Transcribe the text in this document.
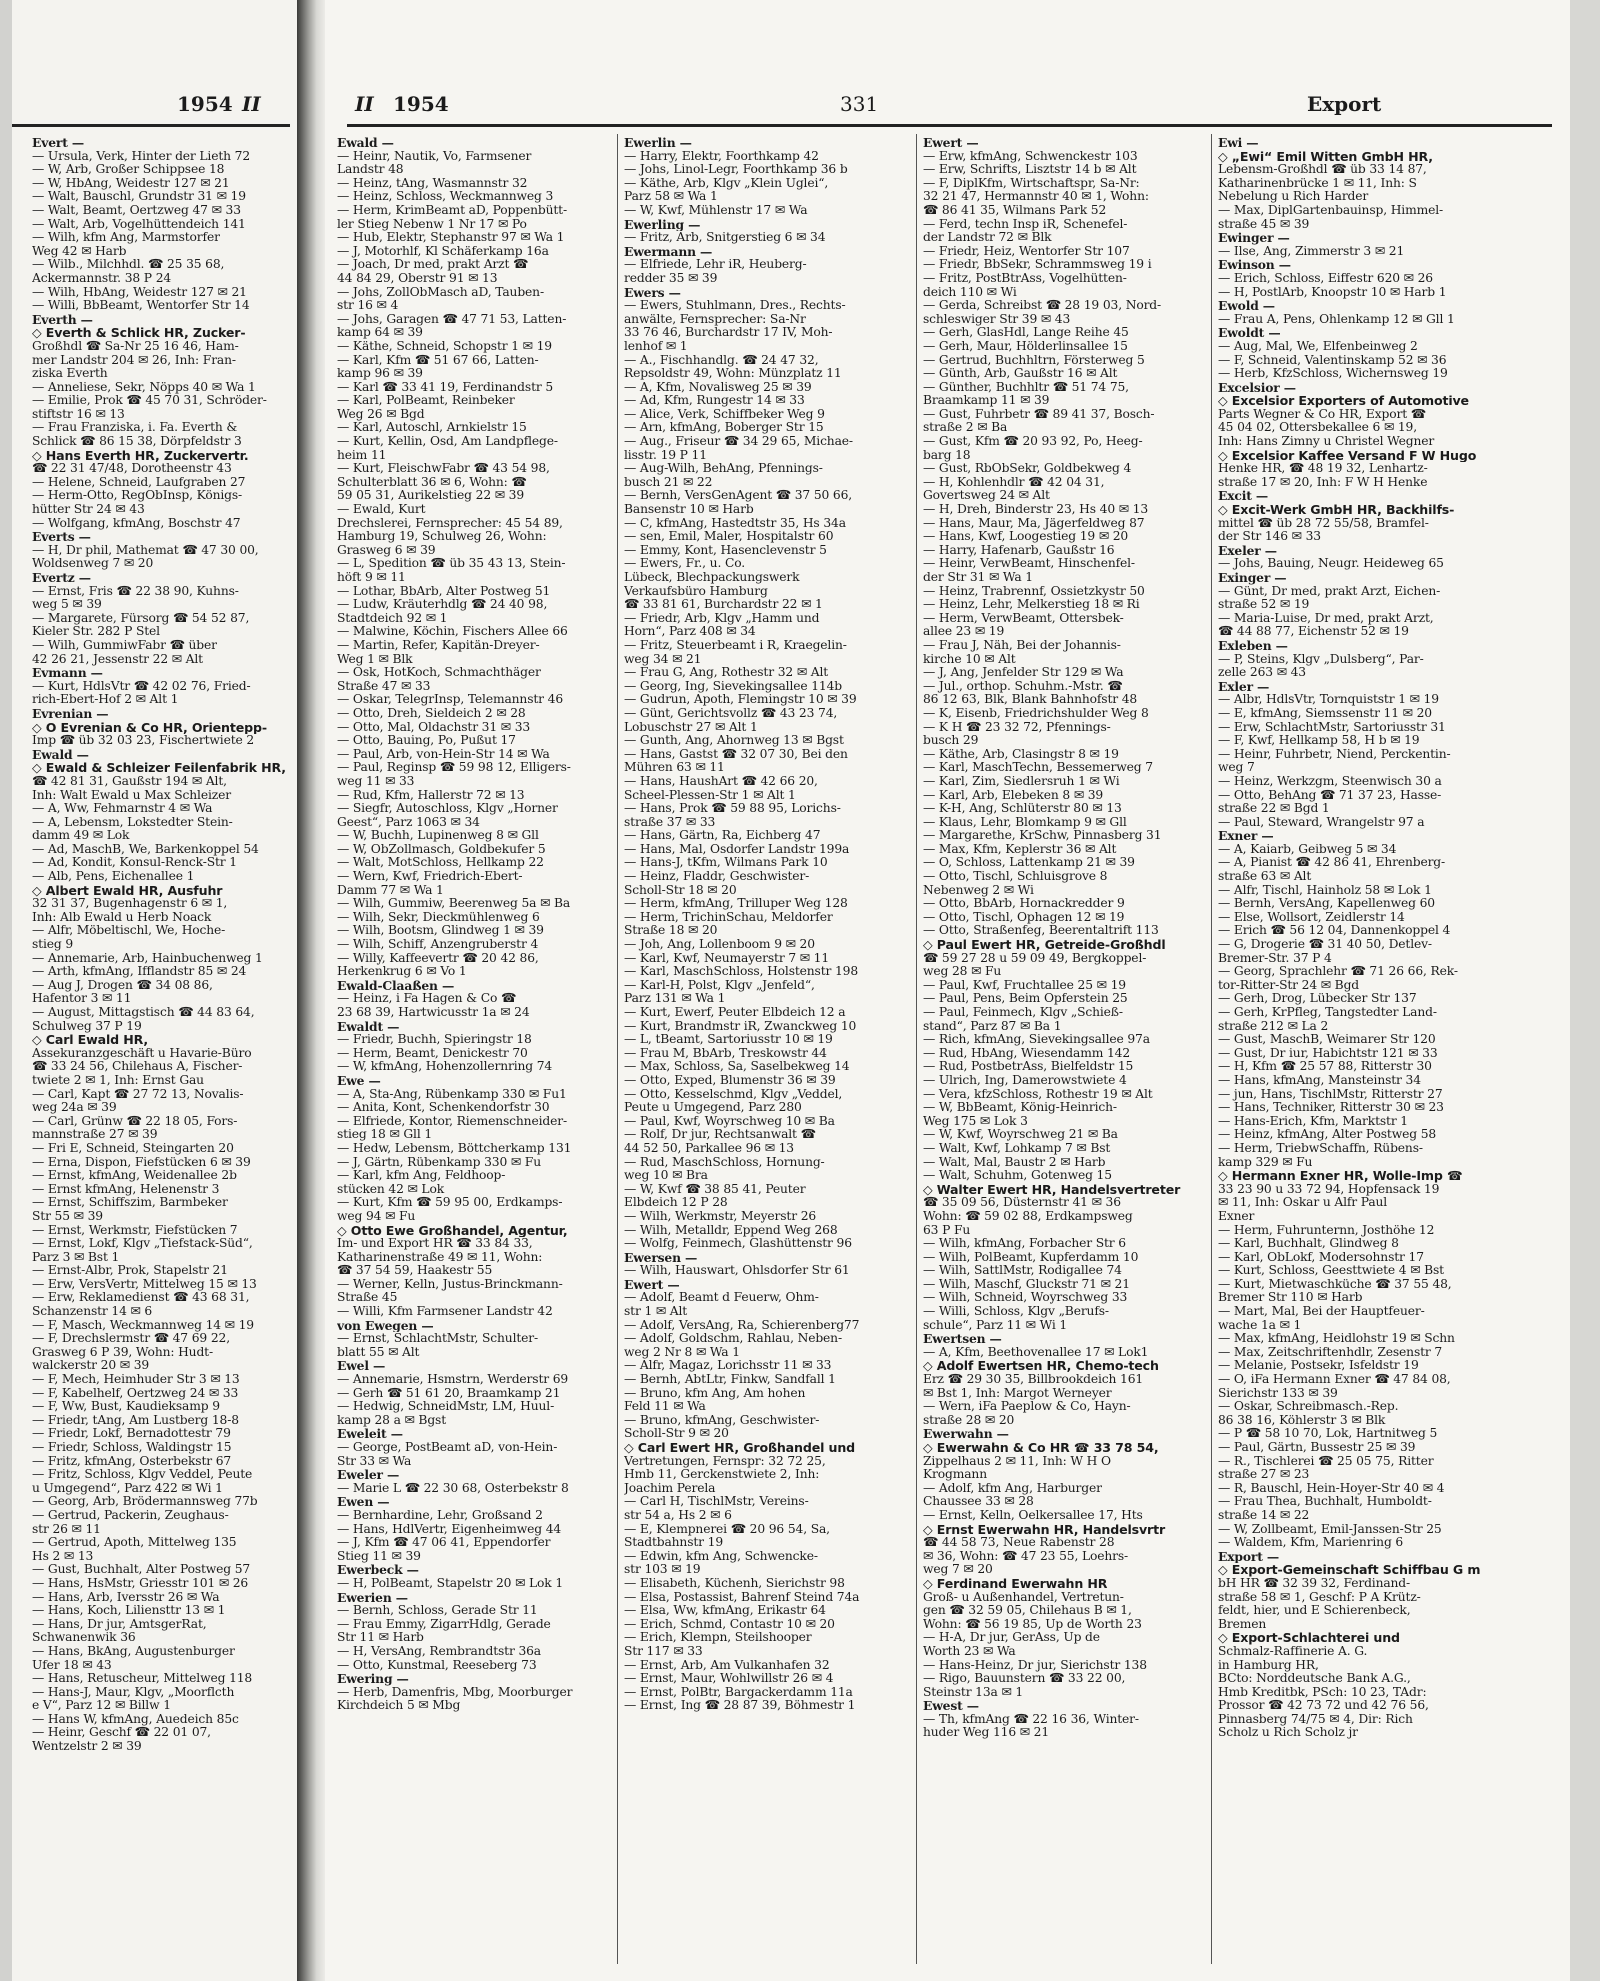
1954 II
Evert —
— Ursula, Verk, Hinter der Lieth 72
— W, Arb, Großer Schippsee 18
— W, HbAng, Weidestr 127 ✉ 21
— Walt, Bauschl, Grundstr 31 ✉ 19
— Walt, Beamt, Oertzweg 47 ✉ 33
— Walt, Arb, Vogelhüttendeich 141
— Wilh, kfm Ang, Marmstorfer
Weg 42 ✉ Harb
— Wilb., Milchhdl. ☎ 25 35 68,
Ackermannstr. 38 P 24
— Wilh, HbAng, Weidestr 127 ✉ 21
— Willi, BbBeamt, Wentorfer Str 14
Everth —
◇ Everth & Schlick HR, Zucker-
Großhdl ☎ Sa-Nr 25 16 46, Ham-
mer Landstr 204 ✉ 26, Inh: Fran-
ziska Everth
— Anneliese, Sekr, Nöpps 40 ✉ Wa 1
— Emilie, Prok ☎ 45 70 31, Schröder-
stiftstr 16 ✉ 13
— Frau Franziska, i. Fa. Everth &
Schlick ☎ 86 15 38, Dörpfeldstr 3
◇ Hans Everth HR, Zuckervertr.
☎ 22 31 47/48, Dorotheenstr 43
— Helene, Schneid, Laufgraben 27
— Herm-Otto, RegObInsp, Königs-
hütter Str 24 ✉ 43
— Wolfgang, kfmAng, Boschstr 47
Everts —
— H, Dr phil, Mathemat ☎ 47 30 00,
Woldsenweg 7 ✉ 20
Evertz —
— Ernst, Fris ☎ 22 38 90, Kuhns-
weg 5 ✉ 39
— Margarete, Fürsorg ☎ 54 52 87,
Kieler Str. 282 P Stel
— Wilh, GummiwFabr ☎ über
42 26 21, Jessenstr 22 ✉ Alt
Evmann —
— Kurt, HdlsVtr ☎ 42 02 76, Fried-
rich-Ebert-Hof 2 ✉ Alt 1
Evrenian —
◇ O Evrenian & Co HR, Orientepp-
Imp ☎ üb 32 03 23, Fischertwiete 2
Ewald —
◇ Ewald & Schleizer Feilenfabrik HR,
☎ 42 81 31, Gaußstr 194 ✉ Alt,
Inh: Walt Ewald u Max Schleizer
— A, Ww, Fehmarnstr 4 ✉ Wa
— A, Lebensm, Lokstedter Stein-
damm 49 ✉ Lok
— Ad, MaschB, We, Barkenkoppel 54
— Ad, Kondit, Konsul-Renck-Str 1
— Alb, Pens, Eichenallee 1
◇ Albert Ewald HR, Ausfuhr
32 31 37, Bugenhagenstr 6 ✉ 1,
Inh: Alb Ewald u Herb Noack
— Alfr, Möbeltischl, We, Hoche-
stieg 9
— Annemarie, Arb, Hainbuchenweg 1
— Arth, kfmAng, Ifflandstr 85 ✉ 24
— Aug J, Drogen ☎ 34 08 86,
Hafentor 3 ✉ 11
— August, Mittagstisch ☎ 44 83 64,
Schulweg 37 P 19
◇ Carl Ewald HR,
Assekuranzgeschäft u Havarie-Büro
☎ 33 24 56, Chilehaus A, Fischer-
twiete 2 ✉ 1, Inh: Ernst Gau
— Carl, Kapt ☎ 27 72 13, Novalis-
weg 24a ✉ 39
— Carl, Grünw ☎ 22 18 05, Fors-
mannstraße 27 ✉ 39
— Fri E, Schneid, Steingarten 20
— Erna, Dispon, Fiefstücken 6 ✉ 39
— Ernst, kfmAng, Weidenallee 2b
— Ernst kfmAng, Helenenstr 3
— Ernst, Schiffszim, Barmbeker
Str 55 ✉ 39
— Ernst, Werkmstr, Fiefstücken 7
— Ernst, Lokf, Klgv „Tiefstack-Süd“,
Parz 3 ✉ Bst 1
— Ernst-Albr, Prok, Stapelstr 21
— Erw, VersVertr, Mittelweg 15 ✉ 13
— Erw, Reklamedienst ☎ 43 68 31,
Schanzenstr 14 ✉ 6
— F, Masch, Weckmannweg 14 ✉ 19
— F, Drechslermstr ☎ 47 69 22,
Grasweg 6 P 39, Wohn: Hudt-
walckerstr 20 ✉ 39
— F, Mech, Heimhuder Str 3 ✉ 13
— F, Kabelhelf, Oertzweg 24 ✉ 33
— F, Ww, Bust, Kaudieksamp 9
— Friedr, tAng, Am Lustberg 18-8
— Friedr, Lokf, Bernadottestr 79
— Friedr, Schloss, Waldingstr 15
— Fritz, kfmAng, Osterbekstr 67
— Fritz, Schloss, Klgv Veddel, Peute
u Umgegend“, Parz 422 ✉ Wi 1
— Georg, Arb, Brödermannsweg 77b
— Gertrud, Packerin, Zeughaus-
str 26 ✉ 11
— Gertrud, Apoth, Mittelweg 135
Hs 2 ✉ 13
— Gust, Buchhalt, Alter Postweg 57
— Hans, HsMstr, Griesstr 101 ✉ 26
— Hans, Arb, Iversstr 26 ✉ Wa
— Hans, Koch, Liliensttr 13 ✉ 1
— Hans, Dr jur, AmtsgerRat,
Schwanenwik 36
— Hans, BkAng, Augustenburger
Ufer 18 ✉ 43
— Hans, Retuscheur, Mittelweg 118
— Hans-J, Maur, Klgv, „Moorflcth
e V“, Parz 12 ✉ Billw 1
— Hans W, kfmAng, Auedeich 85c
— Heinr, Geschf ☎ 22 01 07,
Wentzelstr 2 ✉ 39
II 1954	331	Export
Ewald —
— Heinr, Nautik, Vo, Farmsener
Landstr 48
— Heinz, tAng, Wasmannstr 32
— Heinz, Schloss, Weckmannweg 3
— Herm, KrimBeamt aD, Poppenbütt-
ler Stieg Nebenw 1 Nr 17 ✉ Po
— Hub, Elektr, Stephanstr 97 ✉ Wa 1
— J, Motorhlf, Kl Schäferkamp 16a
— Joach, Dr med, prakt Arzt ☎
44 84 29, Oberstr 91 ✉ 13
— Johs, ZollObMasch aD, Tauben-
str 16 ✉ 4
— Johs, Garagen ☎ 47 71 53, Latten-
kamp 64 ✉ 39
— Käthe, Schneid, Schopstr 1 ✉ 19
— Karl, Kfm ☎ 51 67 66, Latten-
kamp 96 ✉ 39
— Karl ☎ 33 41 19, Ferdinandstr 5
— Karl, PolBeamt, Reinbeker
Weg 26 ✉ Bgd
— Karl, Autoschl, Arnkielstr 15
— Kurt, Kellin, Osd, Am Landpflege-
heim 11
— Kurt, FleischwFabr ☎ 43 54 98,
Schulterblatt 36 ✉ 6, Wohn: ☎
59 05 31, Aurikelstieg 22 ✉ 39
— Ewald, Kurt
Drechslerei, Fernsprecher: 45 54 89,
Hamburg 19, Schulweg 26, Wohn:
Grasweg 6 ✉ 39
— L, Spedition ☎ üb 35 43 13, Stein-
höft 9 ✉ 11
— Lothar, BbArb, Alter Postweg 51
— Ludw, Kräuterhdlg ☎ 24 40 98,
Stadtdeich 92 ✉ 1
— Malwine, Köchin, Fischers Allee 66
— Martin, Refer, Kapitän-Dreyer-
Weg 1 ✉ Blk
— Osk, HotKoch, Schmachthäger
Straße 47 ✉ 33
— Oskar, TelegrInsp, Telemannstr 46
— Otto, Dreh, Sieldeich 2 ✉ 28
— Otto, Mal, Oldachstr 31 ✉ 33
— Otto, Bauing, Po, Pußut 17
— Paul, Arb, von-Hein-Str 14 ✉ Wa
— Paul, Reginsp ☎ 59 98 12, Elligers-
weg 11 ✉ 33
— Rud, Kfm, Hallerstr 72 ✉ 13
— Siegfr, Autoschloss, Klgv „Horner
Geest“, Parz 1063 ✉ 34
— W, Buchh, Lupinenweg 8 ✉ Gll
— W, ObZollmasch, Goldbekufer 5
— Walt, MotSchloss, Hellkamp 22
— Wern, Kwf, Friedrich-Ebert-
Damm 77 ✉ Wa 1
— Wilh, Gummiw, Beerenweg 5a ✉ Ba
— Wilh, Sekr, Dieckmühlenweg 6
— Wilh, Bootsm, Glindweg 1 ✉ 39
— Wilh, Schiff, Anzengruberstr 4
— Willy, Kaffeevertr ☎ 20 42 86,
Herkenkrug 6 ✉ Vo 1
Ewald-Claaßen —
— Heinz, i Fa Hagen & Co ☎
23 68 39, Hartwicusstr 1a ✉ 24
Ewaldt —
— Friedr, Buchh, Spieringstr 18
— Herm, Beamt, Denickestr 70
— W, kfmAng, Hohenzollernring 74
Ewe —
— A, Sta-Ang, Rübenkamp 330 ✉ Fu1
— Anita, Kont, Schenkendorfstr 30
— Elfriede, Kontor, Riemenschneider-
stieg 18 ✉ Gll 1
— Hedw, Lebensm, Böttcherkamp 131
— J, Gärtn, Rübenkamp 330 ✉ Fu
— Karl, kfm Ang, Feldhoop-
stücken 42 ✉ Lok
— Kurt, Kfm ☎ 59 95 00, Erdkamps-
weg 94 ✉ Fu
◇ Otto Ewe Großhandel, Agentur,
Im- und Export HR ☎ 33 84 33,
Katharinenstraße 49 ✉ 11, Wohn:
☎ 37 54 59, Haakestr 55
— Werner, Kelln, Justus-Brinckmann-
Straße 45
— Willi, Kfm Farmsener Landstr 42
von Ewegen —
— Ernst, SchlachtMstr, Schulter-
blatt 55 ✉ Alt
Ewel —
— Annemarie, Hsmstrn, Werderstr 69
— Gerh ☎ 51 61 20, Braamkamp 21
— Hedwig, SchneidMstr, LM, Huul-
kamp 28 a ✉ Bgst
Eweleit —
— George, PostBeamt aD, von-Hein-
Str 33 ✉ Wa
Eweler —
— Marie L ☎ 22 30 68, Osterbekstr 8
Ewen —
— Bernhardine, Lehr, Großsand 2
— Hans, HdlVertr, Eigenheimweg 44
— J, Kfm ☎ 47 06 41, Eppendorfer
Stieg 11 ✉ 39
Ewerbeck —
— H, PolBeamt, Stapelstr 20 ✉ Lok 1
Ewerien —
— Bernh, Schloss, Gerade Str 11
— Frau Emmy, ZigarrHdlg, Gerade
Str 11 ✉ Harb
— H, VersAng, Rembrandtstr 36a
— Otto, Kunstmal, Reeseberg 73
Ewering —
— Herb, Damenfris, Mbg, Moorburger
Kirchdeich 5 ✉ Mbg
Ewerlin —
— Harry, Elektr, Foorthkamp 42
— Johs, Linol-Legr, Foorthkamp 36 b
— Käthe, Arb, Klgv „Klein Uglei“,
Parz 58 ✉ Wa 1
— W, Kwf, Mühlenstr 17 ✉ Wa
Ewerling —
— Fritz, Arb, Snitgerstieg 6 ✉ 34
Ewermann —
— Elfriede, Lehr iR, Heuberg-
redder 35 ✉ 39
Ewers —
— Ewers, Stuhlmann, Dres., Rechts-
anwälte, Fernsprecher: Sa-Nr
33 76 46, Burchardstr 17 IV, Moh-
lenhof ✉ 1
— A., Fischhandlg. ☎ 24 47 32,
Repsoldstr 49, Wohn: Münzplatz 11
— A, Kfm, Novalisweg 25 ✉ 39
— Ad, Kfm, Rungestr 14 ✉ 33
— Alice, Verk, Schiffbeker Weg 9
— Arn, kfmAng, Boberger Str 15
— Aug., Friseur ☎ 34 29 65, Michae-
lisstr. 19 P 11
— Aug-Wilh, BehAng, Pfennings-
busch 21 ✉ 22
— Bernh, VersGenAgent ☎ 37 50 66,
Bansenstr 10 ✉ Harb
— C, kfmAng, Hastedtstr 35, Hs 34a
— sen, Emil, Maler, Hospitalstr 60
— Emmy, Kont, Hasenclevenstr 5
— Ewers, Fr., u. Co.
Lübeck, Blechpackungswerk
Verkaufsbüro Hamburg
☎ 33 81 61, Burchardstr 22 ✉ 1
— Friedr, Arb, Klgv „Hamm und
Horn“, Parz 408 ✉ 34
— Fritz, Steuerbeamt i R, Kraegelin-
weg 34 ✉ 21
— Frau G, Ang, Rothestr 32 ✉ Alt
— Georg, Ing, Sievekingsallee 114b
— Gudrun, Apoth, Flemingstr 10 ✉ 39
— Günt, Gerichtsvollz ☎ 43 23 74,
Lobuschstr 27 ✉ Alt 1
— Gunth, Ang, Ahornweg 13 ✉ Bgst
— Hans, Gastst ☎ 32 07 30, Bei den
Mühren 63 ✉ 11
— Hans, HaushArt ☎ 42 66 20,
Scheel-Plessen-Str 1 ✉ Alt 1
— Hans, Prok ☎ 59 88 95, Lorichs-
straße 37 ✉ 33
— Hans, Gärtn, Ra, Eichberg 47
— Hans, Mal, Osdorfer Landstr 199a
— Hans-J, tKfm, Wilmans Park 10
— Heinz, Fladdr, Geschwister-
Scholl-Str 18 ✉ 20
— Herm, kfmAng, Trilluper Weg 128
— Herm, TrichinSchau, Meldorfer
Straße 18 ✉ 20
— Joh, Ang, Lollenboom 9 ✉ 20
— Karl, Kwf, Neumayerstr 7 ✉ 11
— Karl, MaschSchloss, Holstenstr 198
— Karl-H, Polst, Klgv „Jenfeld“,
Parz 131 ✉ Wa 1
— Kurt, Ewerf, Peuter Elbdeich 12 a
— Kurt, Brandmstr iR, Zwanckweg 10
— L, tBeamt, Sartoriusstr 10 ✉ 19
— Frau M, BbArb, Treskowstr 44
— Max, Schloss, Sa, Saselbekweg 14
— Otto, Exped, Blumenstr 36 ✉ 39
— Otto, Kesselschmd, Klgv „Veddel,
Peute u Umgegend, Parz 280
— Paul, Kwf, Woyrschweg 10 ✉ Ba
— Rolf, Dr jur, Rechtsanwalt ☎
44 52 50, Parkallee 96 ✉ 13
— Rud, MaschSchloss, Hornung-
weg 10 ✉ Bra
— W, Kwf ☎ 38 85 41, Peuter
Elbdeich 12 P 28
— Wilh, Werkmstr, Meyerstr 26
— Wilh, Metalldr, Eppend Weg 268
— Wolfg, Feinmech, Glashüttenstr 96
Ewersen —
— Wilh, Hauswart, Ohlsdorfer Str 61
Ewert —
— Adolf, Beamt d Feuerw, Ohm-
str 1 ✉ Alt
— Adolf, VersAng, Ra, Schierenberg77
— Adolf, Goldschm, Rahlau, Neben-
weg 2 Nr 8 ✉ Wa 1
— Alfr, Magaz, Lorichsstr 11 ✉ 33
— Bernh, AbtLtr, Finkw, Sandfall 1
— Bruno, kfm Ang, Am hohen
Feld 11 ✉ Wa
— Bruno, kfmAng, Geschwister-
Scholl-Str 9 ✉ 20
◇ Carl Ewert HR, Großhandel und
Vertretungen, Fernspr: 32 72 25,
Hmb 11, Gerckenstwiete 2, Inh:
Joachim Perela
— Carl H, TischlMstr, Vereins-
str 54 a, Hs 2 ✉ 6
— E, Klempnerei ☎ 20 96 54, Sa,
Stadtbahnstr 19
— Edwin, kfm Ang, Schwencke-
str 103 ✉ 19
— Elisabeth, Küchenh, Sierichstr 98
— Elsa, Postassist, Bahrenf Steind 74a
— Elsa, Ww, kfmAng, Erikastr 64
— Erich, Schmd, Contastr 10 ✉ 20
— Erich, Klempn, Steilshooper
Str 117 ✉ 33
— Ernst, Arb, Am Vulkanhafen 32
— Ernst, Maur, Wohlwillstr 26 ✉ 4
— Ernst, PolBtr, Bargackerdamm 11a
— Ernst, Ing ☎ 28 87 39, Böhmestr 1
Ewert —
— Erw, kfmAng, Schwenckestr 103
— Erw, Schrifts, Lisztstr 14 b ✉ Alt
— F, DiplKfm, Wirtschaftspr, Sa-Nr:
32 21 47, Hermannstr 40 ✉ 1, Wohn:
☎ 86 41 35, Wilmans Park 52
— Ferd, techn Insp iR, Schenefel-
der Landstr 72 ✉ Blk
— Friedr, Heiz, Wentorfer Str 107
— Friedr, BbSekr, Schrammsweg 19 i
— Fritz, PostBtrAss, Vogelhütten-
deich 110 ✉ Wi
— Gerda, Schreibst ☎ 28 19 03, Nord-
schleswiger Str 39 ✉ 43
— Gerh, GlasHdl, Lange Reihe 45
— Gerh, Maur, Hölderlinsallee 15
— Gertrud, Buchhltrn, Försterweg 5
— Günth, Arb, Gaußstr 16 ✉ Alt
— Günther, Buchhltr ☎ 51 74 75,
Braamkamp 11 ✉ 39
— Gust, Fuhrbetr ☎ 89 41 37, Bosch-
straße 2 ✉ Ba
— Gust, Kfm ☎ 20 93 92, Po, Heeg-
barg 18
— Gust, RbObSekr, Goldbekweg 4
— H, Kohlenhdlr ☎ 42 04 31,
Govertsweg 24 ✉ Alt
— H, Dreh, Binderstr 23, Hs 40 ✉ 13
— Hans, Maur, Ma, Jägerfeldweg 87
— Hans, Kwf, Loogestieg 19 ✉ 20
— Harry, Hafenarb, Gaußstr 16
— Heinr, VerwBeamt, Hinschenfel-
der Str 31 ✉ Wa 1
— Heinz, Trabrennf, Ossietzkystr 50
— Heinz, Lehr, Melkerstieg 18 ✉ Ri
— Herm, VerwBeamt, Ottersbek-
allee 23 ✉ 19
— Frau J, Näh, Bei der Johannis-
kirche 10 ✉ Alt
— J, Ang, Jenfelder Str 129 ✉ Wa
— Jul., orthop. Schuhm.-Mstr. ☎
86 12 63, Blk, Blank Bahnhofstr 48
— K, Eisenb, Friedrichshulder Weg 8
— K H ☎ 23 32 72, Pfennings-
busch 29
— Käthe, Arb, Clasingstr 8 ✉ 19
— Karl, MaschTechn, Bessemerweg 7
— Karl, Zim, Siedlersruh 1 ✉ Wi
— Karl, Arb, Elebeken 8 ✉ 39
— K-H, Ang, Schlüterstr 80 ✉ 13
— Klaus, Lehr, Blomkamp 9 ✉ Gll
— Margarethe, KrSchw, Pinnasberg 31
— Max, Kfm, Keplerstr 36 ✉ Alt
— O, Schloss, Lattenkamp 21 ✉ 39
— Otto, Tischl, Schluisgrove 8
Nebenweg 2 ✉ Wi
— Otto, BbArb, Hornackredder 9
— Otto, Tischl, Ophagen 12 ✉ 19
— Otto, Straßenfeg, Beerentaltrift 113
◇ Paul Ewert HR, Getreide-Großhdl
☎ 59 27 28 u 59 09 49, Bergkoppel-
weg 28 ✉ Fu
— Paul, Kwf, Fruchtallee 25 ✉ 19
— Paul, Pens, Beim Opferstein 25
— Paul, Feinmech, Klgv „Schieß-
stand“, Parz 87 ✉ Ba 1
— Rich, kfmAng, Sievekingsallee 97a
— Rud, HbAng, Wiesendamm 142
— Rud, PostbetrAss, Bielfeldstr 15
— Ulrich, Ing, Damerowstwiete 4
— Vera, kfzSchloss, Rothestr 19 ✉ Alt
— W, BbBeamt, König-Heinrich-
Weg 175 ✉ Lok 3
— W, Kwf, Woyrschweg 21 ✉ Ba
— Walt, Kwf, Lohkamp 7 ✉ Bst
— Walt, Mal, Baustr 2 ✉ Harb
— Walt, Schuhm, Gotenweg 15
◇ Walter Ewert HR, Handelsvertreter
☎ 35 09 56, Düsternstr 41 ✉ 36
Wohn: ☎ 59 02 88, Erdkampsweg
63 P Fu
— Wilh, kfmAng, Forbacher Str 6
— Wilh, PolBeamt, Kupferdamm 10
— Wilh, SattlMstr, Rodigallee 74
— Wilh, Maschf, Gluckstr 71 ✉ 21
— Wilh, Schneid, Woyrschweg 33
— Willi, Schloss, Klgv „Berufs-
schule“, Parz 11 ✉ Wi 1
Ewertsen —
— A, Kfm, Beethovenallee 17 ✉ Lok1
◇ Adolf Ewertsen HR, Chemo-tech
Erz ☎ 29 30 35, Billbrookdeich 161
✉ Bst 1, Inh: Margot Werneyer
— Wern, iFa Paeplow & Co, Hayn-
straße 28 ✉ 20
Ewerwahn —
◇ Ewerwahn & Co HR ☎ 33 78 54,
Zippelhaus 2 ✉ 11, Inh: W H O
Krogmann
— Adolf, kfm Ang, Harburger
Chaussee 33 ✉ 28
— Ernst, Kelln, Oelkersallee 17, Hts
◇ Ernst Ewerwahn HR, Handelsvrtr
☎ 44 58 73, Neue Rabenstr 28
✉ 36, Wohn: ☎ 47 23 55, Loehrs-
weg 7 ✉ 20
◇ Ferdinand Ewerwahn HR
Groß- u Außenhandel, Vertretun-
gen ☎ 32 59 05, Chilehaus B ✉ 1,
Wohn: ☎ 56 19 85, Up de Worth 23
— H-A, Dr jur, GerAss, Up de
Worth 23 ✉ Wa
— Hans-Heinz, Dr jur, Sierichstr 138
— Rigo, Bauunstern ☎ 33 22 00,
Steinstr 13a ✉ 1
Ewest —
— Th, kfmAng ☎ 22 16 36, Winter-
huder Weg 116 ✉ 21
Ewi —
◇ „Ewi“ Emil Witten GmbH HR,
Lebensm-Großhdl ☎ üb 33 14 87,
Katharinenbrücke 1 ✉ 11, Inh: S
Nebelung u Rich Harder
— Max, DiplGartenbauinsp, Himmel-
straße 45 ✉ 39
Ewinger —
— Ilse, Ang, Zimmerstr 3 ✉ 21
Ewinson —
— Erich, Schloss, Eiffestr 620 ✉ 26
— H, PostlArb, Knoopstr 10 ✉ Harb 1
Ewold —
— Frau A, Pens, Ohlenkamp 12 ✉ Gll 1
Ewoldt —
— Aug, Mal, We, Elfenbeinweg 2
— F, Schneid, Valentinskamp 52 ✉ 36
— Herb, KfzSchloss, Wichernsweg 19
Excelsior —
◇ Excelsior Exporters of Automotive
Parts Wegner & Co HR, Export ☎
45 04 02, Ottersbekallee 6 ✉ 19,
Inh: Hans Zimny u Christel Wegner
◇ Excelsior Kaffee Versand F W Hugo
Henke HR, ☎ 48 19 32, Lenhartz-
straße 17 ✉ 20, Inh: F W H Henke
Excit —
◇ Excit-Werk GmbH HR, Backhilfs-
mittel ☎ üb 28 72 55/58, Bramfel-
der Str 146 ✉ 33
Exeler —
— Johs, Bauing, Neugr. Heideweg 65
Exinger —
— Günt, Dr med, prakt Arzt, Eichen-
straße 52 ✉ 19
— Maria-Luise, Dr med, prakt Ärzt,
☎ 44 88 77, Eichenstr 52 ✉ 19
Exleben —
— P, Steins, Klgv „Dulsberg“, Par-
zelle 263 ✉ 43
Exler —
— Albr, HdlsVtr, Tornquiststr 1 ✉ 19
— E, kfmAng, Siemssenstr 11 ✉ 20
— Erw, SchlachtMstr, Sartoriusstr 31
— F, Kwf, Hellkamp 58, H b ✉ 19
— Heinr, Fuhrbetr, Niend, Perckentin-
weg 7
— Heinz, Werkzgm, Steenwisch 30 a
— Otto, BehAng ☎ 71 37 23, Hasse-
straße 22 ✉ Bgd 1
— Paul, Steward, Wrangelstr 97 a
Exner —
— A, Kaiarb, Geibweg 5 ✉ 34
— A, Pianist ☎ 42 86 41, Ehrenberg-
straße 63 ✉ Alt
— Alfr, Tischl, Hainholz 58 ✉ Lok 1
— Bernh, VersAng, Kapellenweg 60
— Else, Wollsort, Zeidlerstr 14
— Erich ☎ 56 12 04, Dannenkoppel 4
— G, Drogerie ☎ 31 40 50, Detlev-
Bremer-Str. 37 P 4
— Georg, Sprachlehr ☎ 71 26 66, Rek-
tor-Ritter-Str 24 ✉ Bgd
— Gerh, Drog, Lübecker Str 137
— Gerh, KrPfleg, Tangstedter Land-
straße 212 ✉ La 2
— Gust, MaschB, Weimarer Str 120
— Gust, Dr iur, Habichtstr 121 ✉ 33
— H, Kfm ☎ 25 57 88, Ritterstr 30
— Hans, kfmAng, Mansteinstr 34
— jun, Hans, TischlMstr, Ritterstr 27
— Hans, Techniker, Ritterstr 30 ✉ 23
— Hans-Erich, Kfm, Marktstr 1
— Heinz, kfmAng, Alter Postweg 58
— Herm, TriebwSchaffn, Rübens-
kamp 329 ✉ Fu
◇ Hermann Exner HR, Wolle-Imp ☎
33 23 90 u 33 72 94, Hopfensack 19
✉ 11, Inh: Oskar u Alfr Paul
Exner
— Herm, Fuhrunternn, Josthöhe 12
— Karl, Buchhalt, Glindweg 8
— Karl, ObLokf, Modersohnstr 17
— Kurt, Schloss, Geesttwiete 4 ✉ Bst
— Kurt, Mietwaschküche ☎ 37 55 48,
Bremer Str 110 ✉ Harb
— Mart, Mal, Bei der Hauptfeuer-
wache 1a ✉ 1
— Max, kfmAng, Heidlohstr 19 ✉ Schn
— Max, Zeitschriftenhdlr, Zesenstr 7
— Melanie, Postsekr, Isfeldstr 19
— O, iFa Hermann Exner ☎ 47 84 08,
Sierichstr 133 ✉ 39
— Oskar, Schreibmasch.-Rep.
86 38 16, Köhlerstr 3 ✉ Blk
— P ☎ 58 10 70, Lok, Hartnitweg 5
— Paul, Gärtn, Bussestr 25 ✉ 39
— R., Tischlerei ☎ 25 05 75, Ritter
straße 27 ✉ 23
— R, Bauschl, Hein-Hoyer-Str 40 ✉ 4
— Frau Thea, Buchhalt, Humboldt-
straße 14 ✉ 22
— W, Zollbeamt, Emil-Janssen-Str 25
— Waldem, Kfm, Marienring 6
Export —
◇ Export-Gemeinschaft Schiffbau G m
bH HR ☎ 32 39 32, Ferdinand-
straße 58 ✉ 1, Geschf: P A Krütz-
feldt, hier, und E Schierenbeck,
Bremen
◇ Export-Schlachterei und
Schmalz-Raffinerie A. G.
in Hamburg HR,
BCto: Norddeutsche Bank A.G.,
Hmb Kreditbk, PSch: 10 23, TAdr:
Prossor ☎ 42 73 72 und 42 76 56,
Pinnasberg 74/75 ✉ 4, Dir: Rich
Scholz u Rich Scholz jr
